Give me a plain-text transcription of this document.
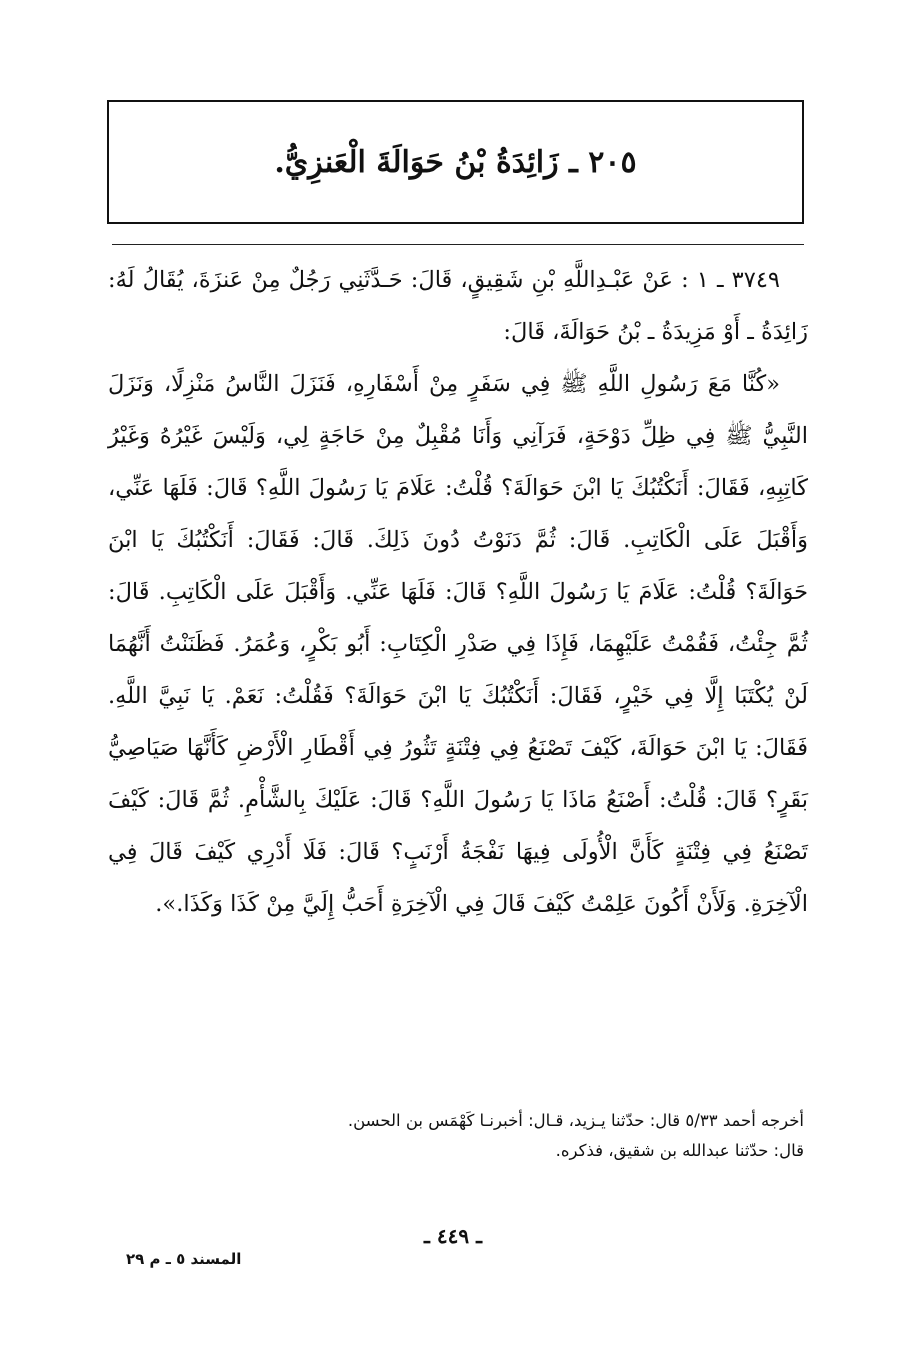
٢٠٥ ـ زَائِدَةُ بْنُ حَوَالَةَ الْعَنزِيُّ.

٣٧٤٩ ـ ١ : عَنْ عَبْـدِاللَّهِ بْنِ شَقِيقٍ، قَالَ: حَـدَّثَنِي رَجُلٌ مِنْ عَنزَةَ، يُقَالُ لَهُ: زَائِدَةُ ـ أَوْ مَزِيدَةُ ـ بْنُ حَوَالَةَ، قَالَ:

«كُنَّا مَعَ رَسُولِ اللَّهِ ﷺ فِي سَفَرٍ مِنْ أَسْفَارِهِ، فَنَزَلَ النَّاسُ مَنْزِلًا، وَنَزَلَ النَّبِيُّ ﷺ فِي ظِلِّ دَوْحَةٍ، فَرَآنِي وَأَنَا مُقْبِلٌ مِنْ حَاجَةٍ لِي، وَلَيْسَ غَيْرُهُ وَغَيْرُ كَاتِبِهِ، فَقَالَ: أَنَكْتُبُكَ يَا ابْنَ حَوَالَةَ؟ قُلْتُ: عَلَامَ يَا رَسُولَ اللَّهِ؟ قَالَ: فَلَهَا عَنِّي، وَأَقْبَلَ عَلَى الْكَاتِبِ. قَالَ: ثُمَّ دَنَوْتُ دُونَ ذَلِكَ. قَالَ: فَقَالَ: أَنَكْتُبُكَ يَا ابْنَ حَوَالَةَ؟ قُلْتُ: عَلَامَ يَا رَسُولَ اللَّهِ؟ قَالَ: فَلَهَا عَنِّي. وَأَقْبَلَ عَلَى الْكَاتِبِ. قَالَ: ثُمَّ جِئْتُ، فَقُمْتُ عَلَيْهِمَا، فَإِذَا فِي صَدْرِ الْكِتَابِ: أَبُو بَكْرٍ، وَعُمَرُ. فَظَنَنْتُ أَنَّهُمَا لَنْ يُكْتَبَا إِلَّا فِي خَيْرٍ، فَقَالَ: أَنَكْتُبُكَ يَا ابْنَ حَوَالَةَ؟ فَقُلْتُ: نَعَمْ. يَا نَبِيَّ اللَّهِ. فَقَالَ: يَا ابْنَ حَوَالَةَ، كَيْفَ تَصْنَعُ فِي فِتْنَةٍ تَثُورُ فِي أَقْطَارِ الْأَرْضِ كَأَنَّهَا صَيَاصِيُّ بَقَرٍ؟ قَالَ: قُلْتُ: أَصْنَعُ مَاذَا يَا رَسُولَ اللَّهِ؟ قَالَ: عَلَيْكَ بِالشَّأْمِ. ثُمَّ قَالَ: كَيْفَ تَصْنَعُ فِي فِتْنَةٍ كَأَنَّ الْأُولَى فِيهَا نَفْجَةُ أَرْنَبٍ؟ قَالَ: فَلَا أَدْرِي كَيْفَ قَالَ فِي الْآخِرَةِ. وَلَأَنْ أَكُونَ عَلِمْتُ كَيْفَ قَالَ فِي الْآخِرَةِ أَحَبُّ إِلَيَّ مِنْ كَذَا وَكَذَا.».

أخرجه أحمد ٥/٣٣ قال: حدّثنا يـزيد، قـال: أخبرنـا كَهْمَس بن الحسن.

قال: حدّثنا عبدالله بن شقيق، فذكره.

ـ ٤٤٩ ـ
المسند ٥ ـ م ٢٩
